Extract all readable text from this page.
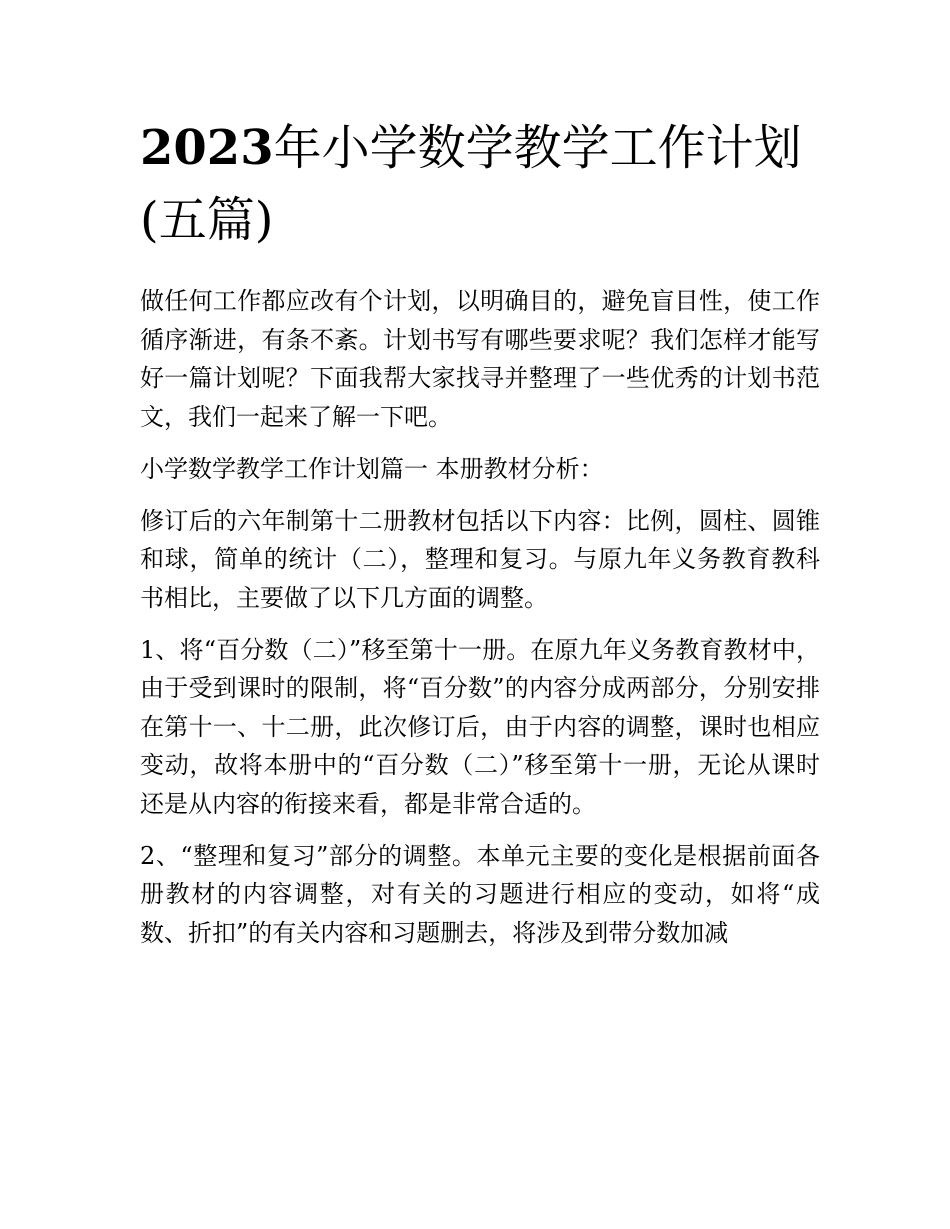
2023年小学数学教学工作计划(五篇)

做任何工作都应改有个计划，以明确目的，避免盲目性，使工作循序渐进，有条不紊。计划书写有哪些要求呢？我们怎样才能写好一篇计划呢？下面我帮大家找寻并整理了一些优秀的计划书范文，我们一起来了解一下吧。

小学数学教学工作计划篇一 本册教材分析：

修订后的六年制第十二册教材包括以下内容：比例，圆柱、圆锥和球，简单的统计（二），整理和复习。与原九年义务教育教科书相比，主要做了以下几方面的调整。

1、将“百分数（二）”移至第十一册。在原九年义务教育教材中，由于受到课时的限制，将“百分数”的内容分成两部分，分别安排在第十一、十二册，此次修订后，由于内容的调整，课时也相应变动，故将本册中的“百分数（二）”移至第十一册，无论从课时还是从内容的衔接来看，都是非常合适的。

2、“整理和复习”部分的调整。本单元主要的变化是根据前面各册教材的内容调整，对有关的习题进行相应的变动，如将“成数、折扣”的有关内容和习题删去，将涉及到带分数加减
